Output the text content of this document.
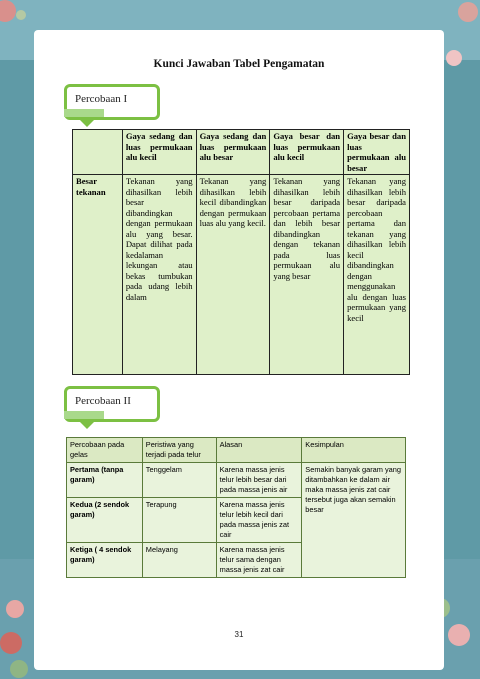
Kunci Jawaban Tabel Pengamatan
Percobaan I
	Gaya sedang dan luas permukaan alu kecil	Gaya sedang dan luas permukaan alu besar	Gaya besar dan luas permukaan alu kecil	Gaya besar dan luas permukaan alu besar
Besar tekanan	Tekanan yang dihasilkan lebih besar dibandingkan dengan permukaan alu yang besar. Dapat dilihat pada kedalaman lekungan atau bekas tumbukan pada udang lebih dalam	Tekanan yang dihasilkan lebih kecil dibandingkan dengan permukaan luas alu yang kecil.	Tekanan yang dihasilkan lebih besar daripada percobaan pertama dan lebih besar dibandingkan dengan tekanan pada luas permukaan alu yang besar	Tekanan yang dihasilkan lebih besar daripada percobaan pertama dan tekanan yang dihasilkan lebih kecil dibandingkan dengan menggunakan alu dengan luas permukaan yang kecil
Percobaan II
Percobaan pada gelas	Peristiwa yang terjadi pada telur	Alasan	Kesimpulan
Pertama (tanpa garam)	Tenggelam	Karena massa jenis telur lebih besar dari pada massa jenis air	Semakin banyak garam yang ditambahkan ke dalam air maka massa jenis zat cair tersebut juga akan semakin besar
Kedua (2 sendok garam)	Terapung	Karena massa jenis telur lebih kecil dari pada massa jenis zat cair	
Ketiga ( 4 sendok garam)	Melayang	Karena massa jenis telur sama dengan massa jenis zat cair	
31
